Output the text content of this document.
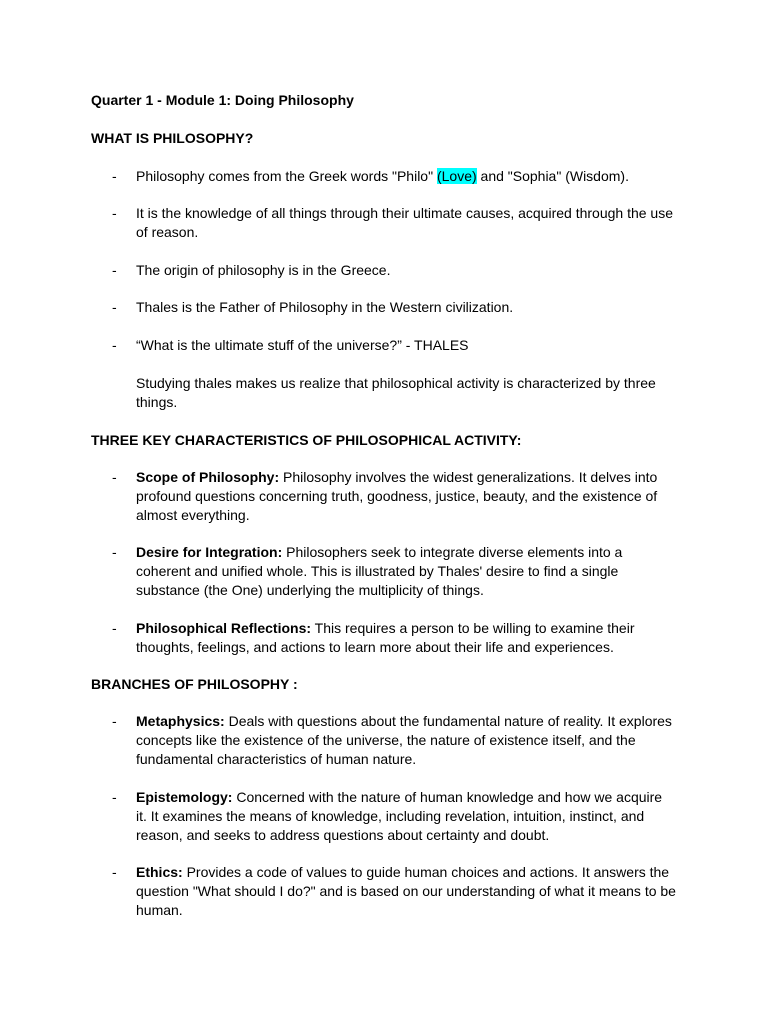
Quarter 1 - Module 1: Doing Philosophy

WHAT IS PHILOSOPHY?

-	Philosophy comes from the Greek words "Philo" (Love) and "Sophia" (Wisdom).
-	It is the knowledge of all things through their ultimate causes, acquired through the use of reason.
-	The origin of philosophy is in the Greece.
-	Thales is the Father of Philosophy in the Western civilization.
-	“What is the ultimate stuff of the universe?” - THALES

Studying thales makes us realize that philosophical activity is characterized by three things.

THREE KEY CHARACTERISTICS OF PHILOSOPHICAL ACTIVITY:

-	Scope of Philosophy: Philosophy involves the widest generalizations. It delves into profound questions concerning truth, goodness, justice, beauty, and the existence of almost everything.
-	Desire for Integration: Philosophers seek to integrate diverse elements into a coherent and unified whole. This is illustrated by Thales' desire to find a single substance (the One) underlying the multiplicity of things.
-	Philosophical Reflections: This requires a person to be willing to examine their thoughts, feelings, and actions to learn more about their life and experiences.

BRANCHES OF PHILOSOPHY :

-	Metaphysics: Deals with questions about the fundamental nature of reality. It explores concepts like the existence of the universe, the nature of existence itself, and the fundamental characteristics of human nature.
-	Epistemology: Concerned with the nature of human knowledge and how we acquire it. It examines the means of knowledge, including revelation, intuition, instinct, and reason, and seeks to address questions about certainty and doubt.
-	Ethics: Provides a code of values to guide human choices and actions. It answers the question "What should I do?" and is based on our understanding of what it means to be human.
